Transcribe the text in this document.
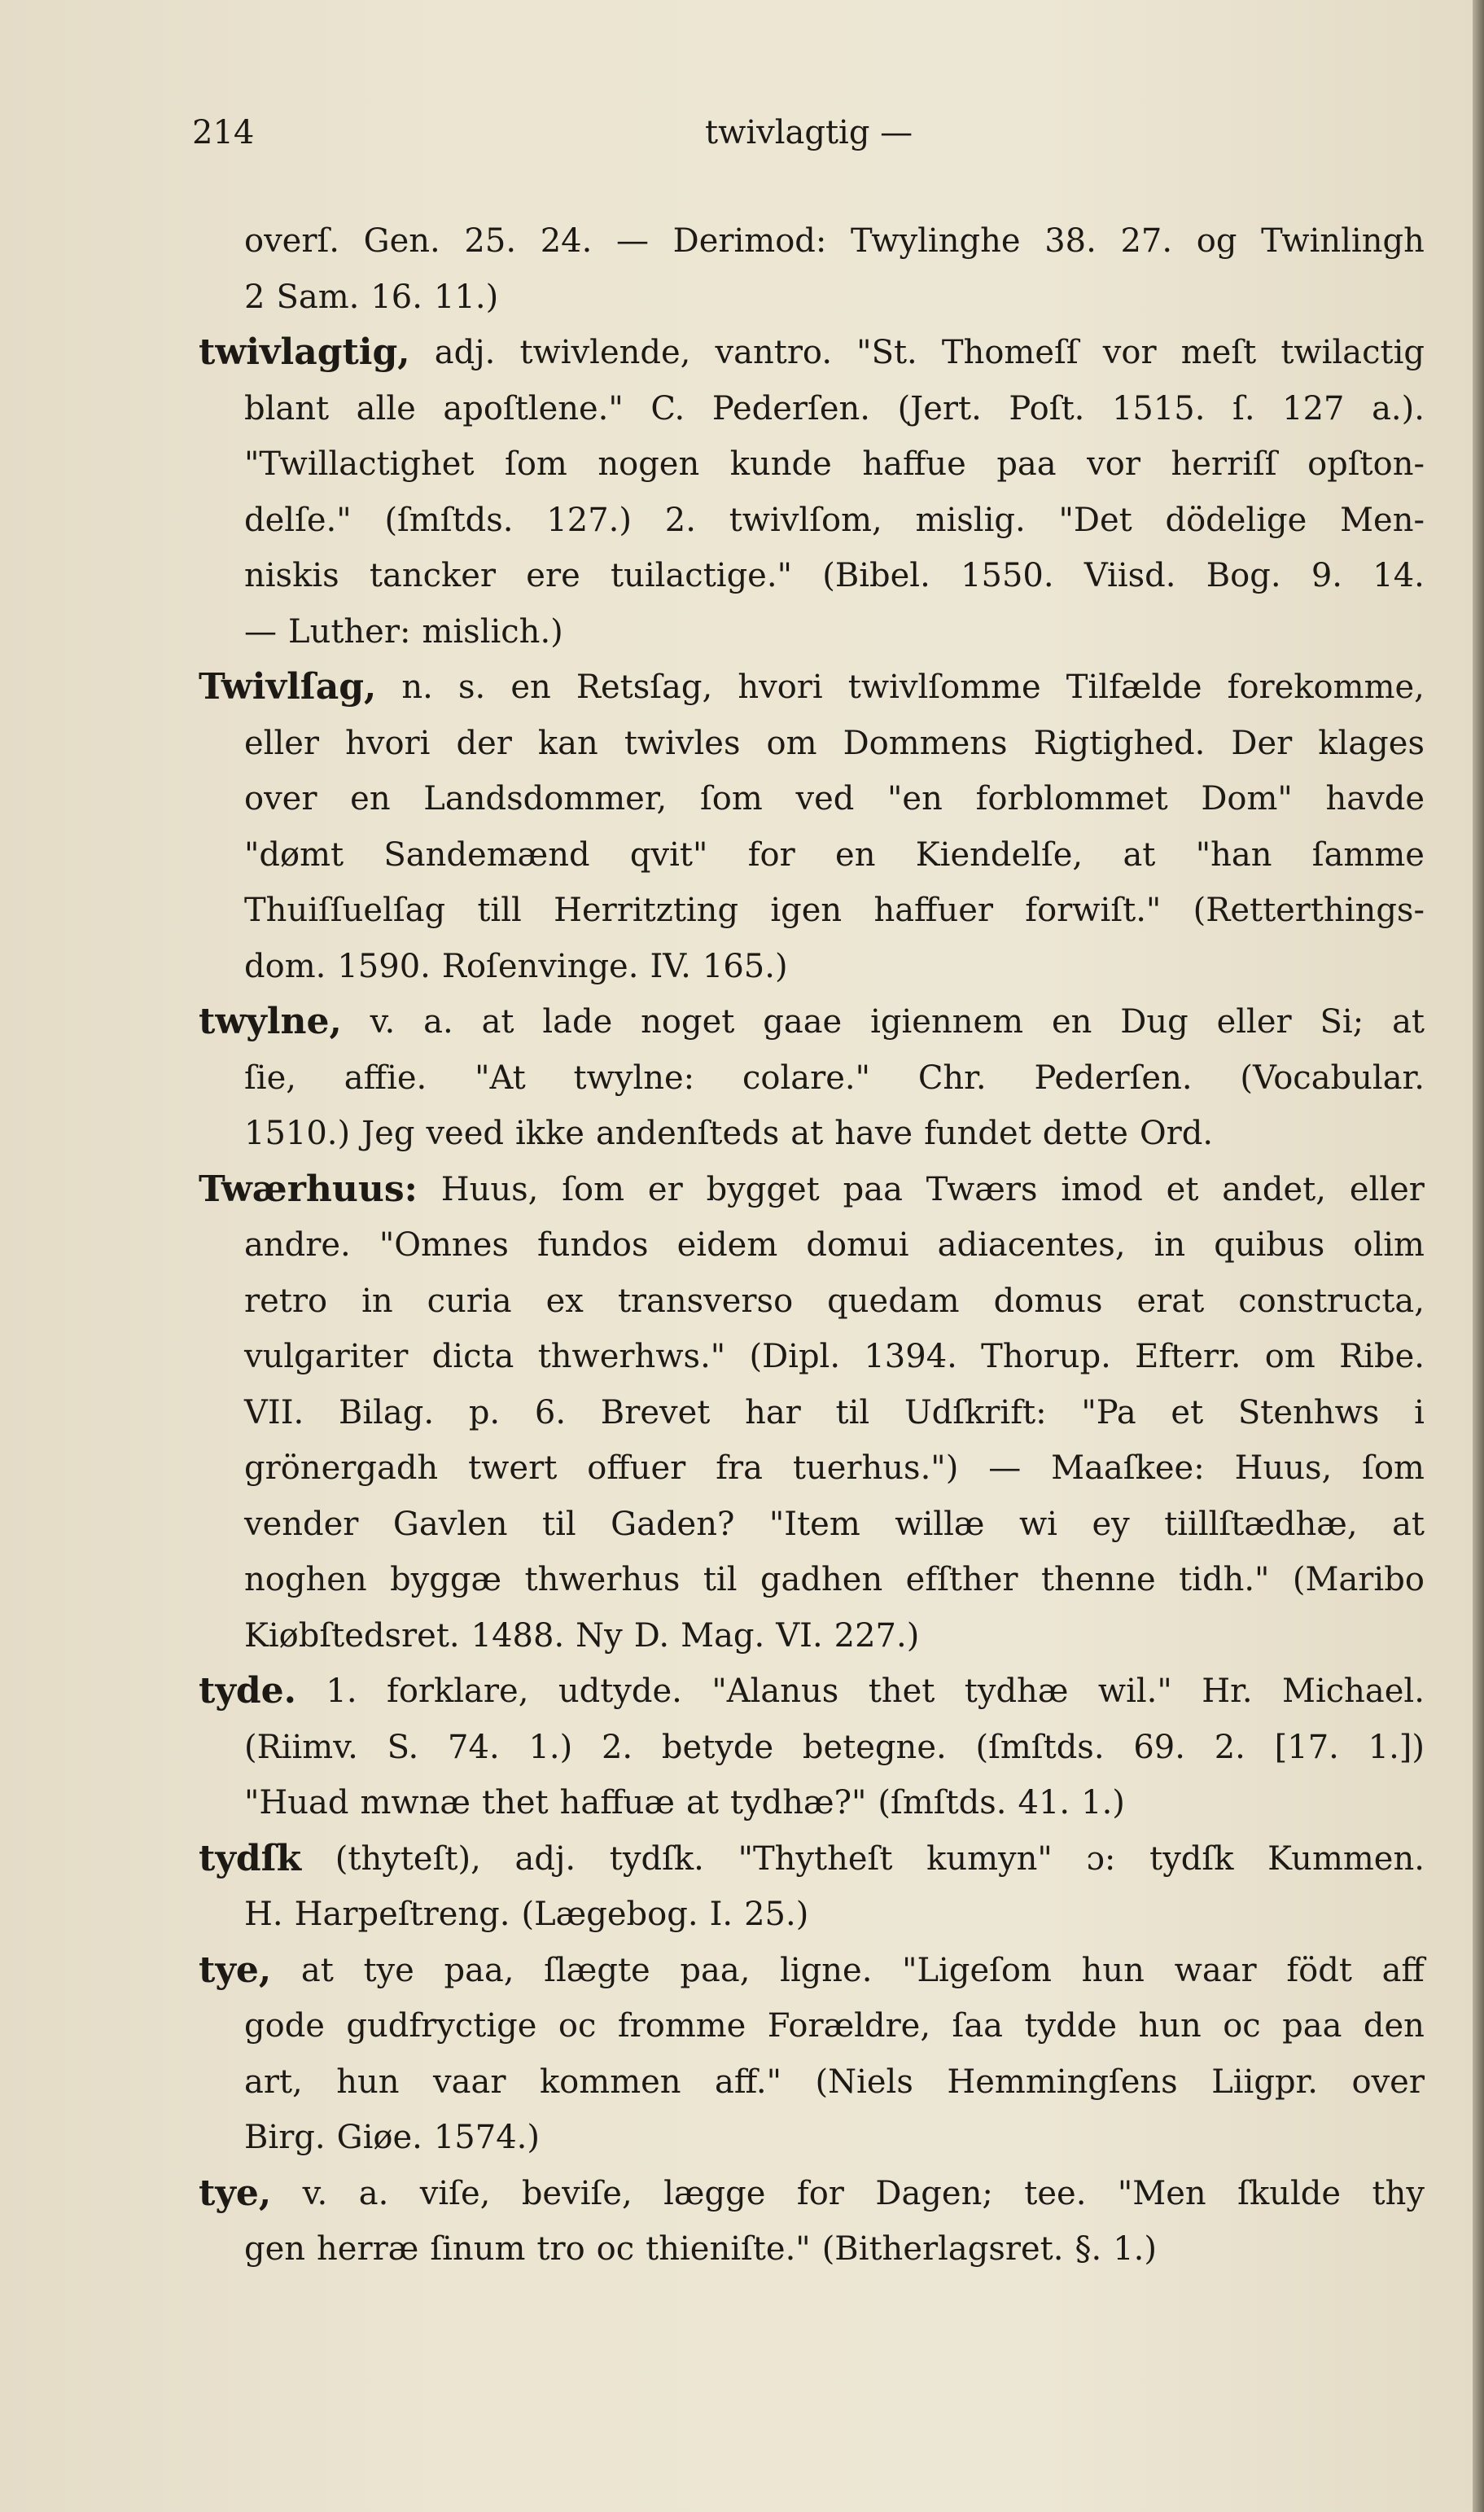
214	twivlagtig —
overſ. Gen. 25. 24. — Derimod: Twylinghe 38. 27. og Twinlingh
2 Sam. 16. 11.)
twivlagtig, adj. twivlende, vantro. "St. Thomeſſ vor meſt twilactig
blant alle apoſtlene." C. Pederſen. (Jert. Poſt. 1515. ſ. 127 a.).
"Twillactighet ſom nogen kunde haffue paa vor herriſſ opſton-
delſe." (ſmſtds. 127.) 2. twivlſom, mislig. "Det dödelige Men-
niskis tancker ere tuilactige." (Bibel. 1550. Viisd. Bog. 9. 14.
— Luther: mislich.)
Twivlſag, n. s. en Retsſag, hvori twivlſomme Tilfælde forekomme,
eller hvori der kan twivles om Dommens Rigtighed. Der klages
over en Landsdommer, ſom ved "en forblommet Dom" havde
"dømt Sandemænd qvit" for en Kiendelſe, at "han ſamme
Thuiſſuelſag till Herritzting igen haffuer forwiſt." (Retterthings-
dom. 1590. Roſenvinge. IV. 165.)
twylne, v. a. at lade noget gaae igiennem en Dug eller Si; at
ſie, affie. "At twylne: colare." Chr. Pederſen. (Vocabular.
1510.) Jeg veed ikke andenſteds at have fundet dette Ord.
Twærhuus: Huus, ſom er bygget paa Twærs imod et andet, eller
andre. "Omnes fundos eidem domui adiacentes, in quibus olim
retro in curia ex transverso quedam domus erat constructa,
vulgariter dicta thwerhws." (Dipl. 1394. Thorup. Efterr. om Ribe.
VII. Bilag. p. 6. Brevet har til Udſkrift: "Pa et Stenhws i
grönergadh twert offuer fra tuerhus.") — Maaſkee: Huus, ſom
vender Gavlen til Gaden? "Item willæ wi ey tiillſtædhæ, at
noghen byggæ thwerhus til gadhen efſther thenne tidh." (Maribo
Kiøbſtedsret. 1488. Ny D. Mag. VI. 227.)
tyde. 1. forklare, udtyde. "Alanus thet tydhæ wil." Hr. Michael.
(Riimv. S. 74. 1.) 2. betyde betegne. (ſmſtds. 69. 2. [17. 1.])
"Huad mwnæ thet haffuæ at tydhæ?" (ſmſtds. 41. 1.)
tydſk (thyteſt), adj. tydſk. "Thytheſt kumyn" ɔ: tydſk Kummen.
H. Harpeſtreng. (Lægebog. I. 25.)
tye, at tye paa, ſlægte paa, ligne. "Ligeſom hun waar födt aff
gode gudfryctige oc fromme Forældre, ſaa tydde hun oc paa den
art, hun vaar kommen aff." (Niels Hemmingſens Liigpr. over
Birg. Giøe. 1574.)
tye, v. a. viſe, beviſe, lægge for Dagen; tee. "Men ſkulde thy
gen herræ ſinum tro oc thieniſte." (Bitherlagsret. §. 1.)
